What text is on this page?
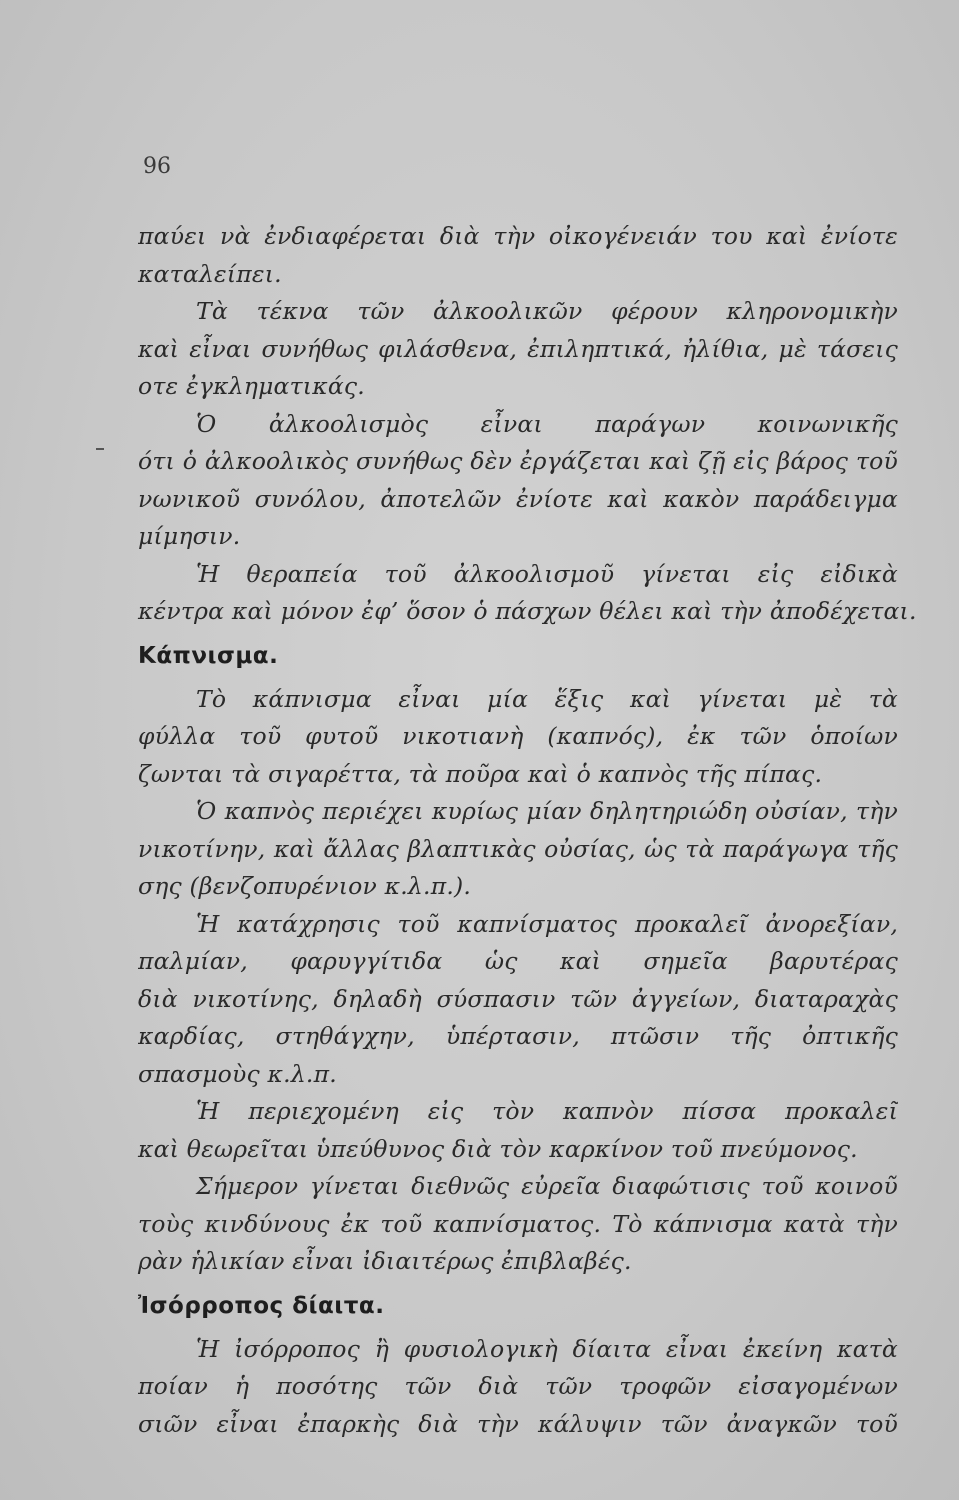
96
παύει νὰ ἐνδιαφέρεται διὰ τὴν οἰκογένειάν του καὶ ἐνίοτε
καταλείπει.
Τὰ τέκνα τῶν ἀλκοολικῶν φέρουν κληρονομικὴν
καὶ εἶναι συνήθως φιλάσθενα, ἐπιληπτικά, ἠλίθια, μὲ τάσεις
οτε ἐγκληματικάς.
Ὁ ἀλκοολισμὸς εἶναι παράγων κοινωνικῆς
ότι ὁ ἀλκοολικὸς συνήθως δὲν ἐργάζεται καὶ ζῇ εἰς βάρος τοῦ
νωνικοῦ συνόλου, ἀποτελῶν ἐνίοτε καὶ κακὸν παράδειγμα
μίμησιν.
Ἡ θεραπεία τοῦ ἀλκοολισμοῦ γίνεται εἰς εἰδικὰ
κέντρα καὶ μόνον ἐφ’ ὅσον ὁ πάσχων θέλει καὶ τὴν ἀποδέχεται.
Κάπνισμα.
Τὸ κάπνισμα εἶναι μία ἕξις καὶ γίνεται μὲ τὰ
φύλλα τοῦ φυτοῦ νικοτιανὴ (καπνός), ἐκ τῶν ὁποίων
ζωνται τὰ σιγαρέττα, τὰ ποῦρα καὶ ὁ καπνὸς τῆς πίπας.
Ὁ καπνὸς περιέχει κυρίως μίαν δηλητηριώδη οὐσίαν, τὴν
νικοτίνην, καὶ ἄλλας βλαπτικὰς οὐσίας, ὡς τὰ παράγωγα τῆς
σης (βενζοπυρένιον κ.λ.π.).
Ἡ κατάχρησις τοῦ καπνίσματος προκαλεῖ ἀνορεξίαν,
παλμίαν, φαρυγγίτιδα ὡς καὶ σημεῖα βαρυτέρας
διὰ νικοτίνης, δηλαδὴ σύσπασιν τῶν ἀγγείων, διαταραχὰς
καρδίας, στηθάγχην, ὑπέρτασιν, πτῶσιν τῆς ὀπτικῆς
σπασμοὺς κ.λ.π.
Ἡ περιεχομένη εἰς τὸν καπνὸν πίσσα προκαλεῖ
καὶ θεωρεῖται ὑπεύθυνος διὰ τὸν καρκίνον τοῦ πνεύμονος.
Σήμερον γίνεται διεθνῶς εὐρεῖα διαφώτισις τοῦ κοινοῦ
τοὺς κινδύνους ἐκ τοῦ καπνίσματος. Τὸ κάπνισμα κατὰ τὴν
ρὰν ἡλικίαν εἶναι ἰδιαιτέρως ἐπιβλαβές.
Ἰσόρροπος δίαιτα.
Ἡ ἰσόρροπος ἢ φυσιολογικὴ δίαιτα εἶναι ἐκείνη κατὰ
ποίαν ἡ ποσότης τῶν διὰ τῶν τροφῶν εἰσαγομένων
σιῶν εἶναι ἐπαρκὴς διὰ τὴν κάλυψιν τῶν ἀναγκῶν τοῦ
